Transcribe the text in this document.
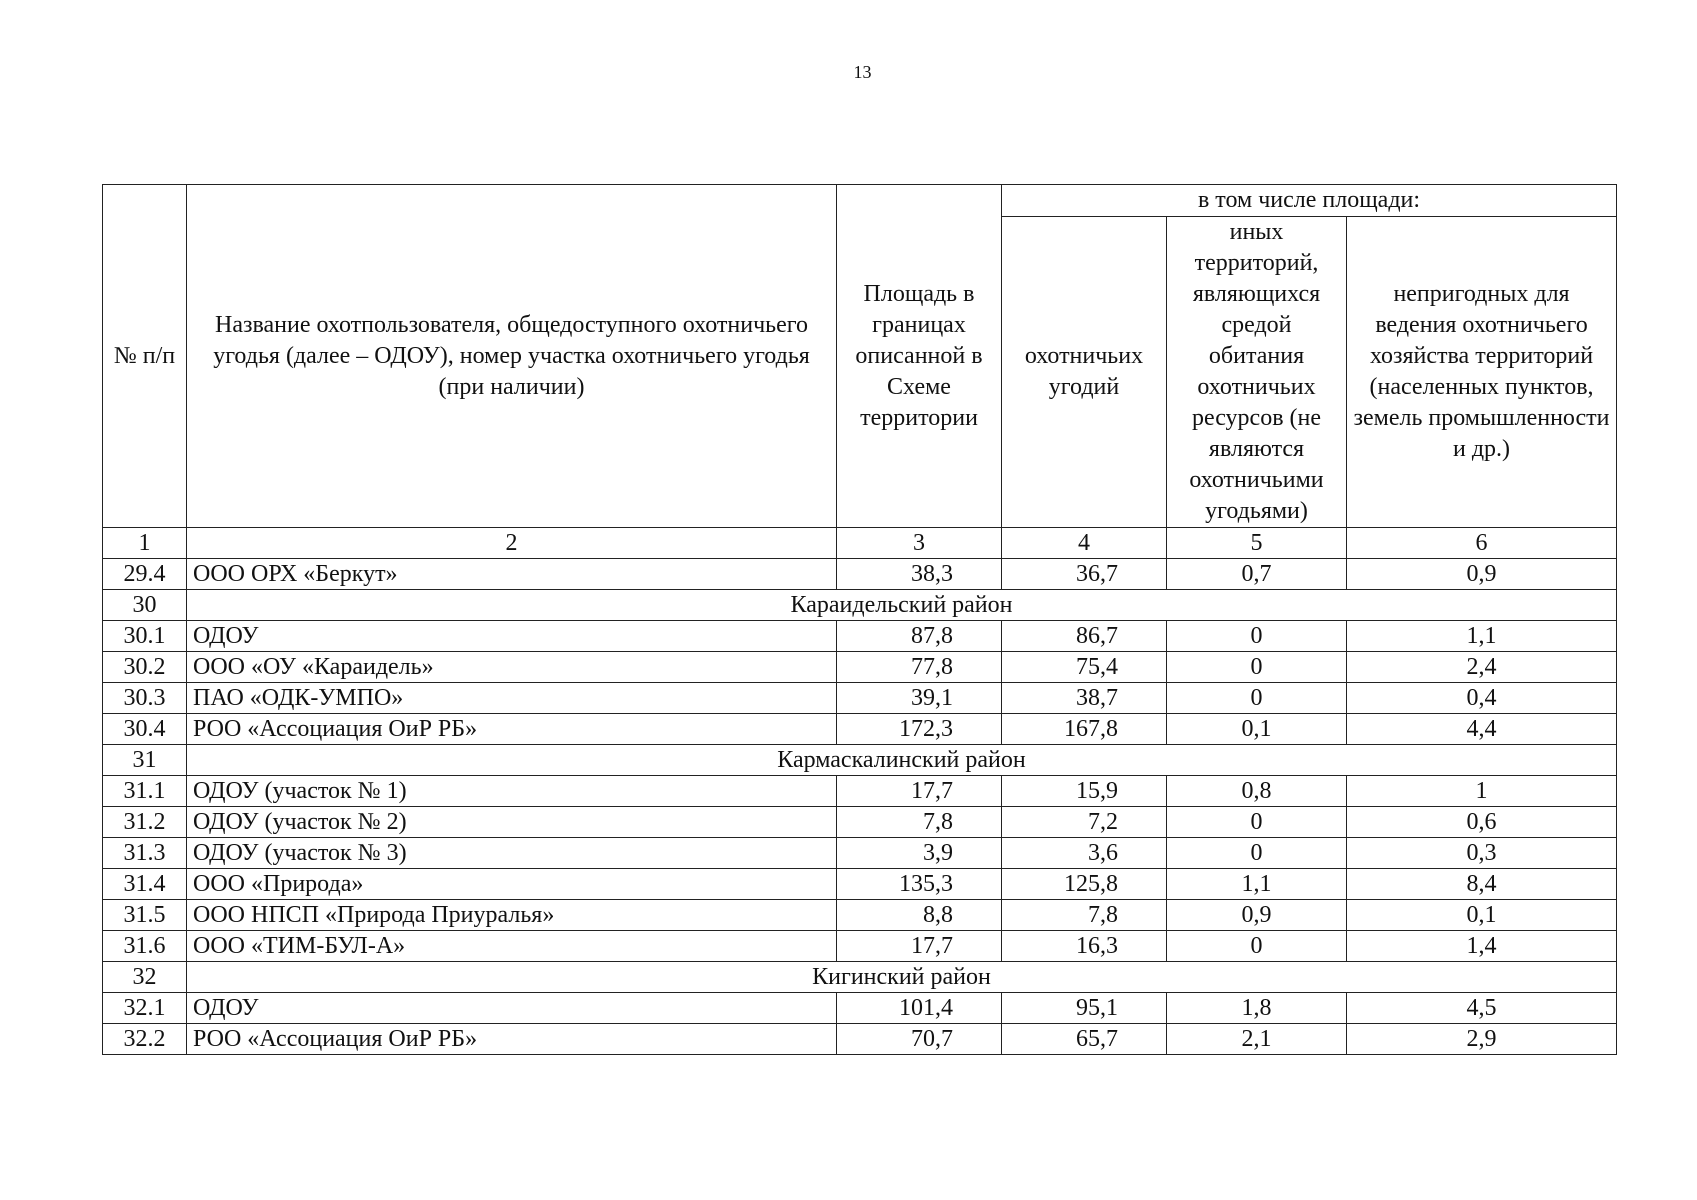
13
№ п/п	Название охотпользователя, общедоступного охотничьего угодья (далее – ОДОУ), номер участка охотничьего угодья (при наличии)	Площадь в границах описанной в Схеме территории	в том числе площади:		
			охотничьих угодий	иных территорий, являющихся средой обитания охотничьих ресурсов (не являются охотничьими угодьями)	непригодных для ведения охотничьего хозяйства территорий (населенных пунктов, земель промышленности и др.)
1	2	3	4	5	6
29.4	ООО ОРХ «Беркут»	38,3	36,7	0,7	0,9
30	Караидельский район				
30.1	ОДОУ	87,8	86,7	0	1,1
30.2	ООО «ОУ «Караидель»	77,8	75,4	0	2,4
30.3	ПАО «ОДК-УМПО»	39,1	38,7	0	0,4
30.4	РОО «Ассоциация ОиР РБ»	172,3	167,8	0,1	4,4
31	Кармаскалинский район				
31.1	ОДОУ (участок № 1)	17,7	15,9	0,8	1
31.2	ОДОУ (участок № 2)	7,8	7,2	0	0,6
31.3	ОДОУ (участок № 3)	3,9	3,6	0	0,3
31.4	ООО «Природа»	135,3	125,8	1,1	8,4
31.5	ООО НПСП «Природа Приуралья»	8,8	7,8	0,9	0,1
31.6	ООО «ТИМ-БУЛ-А»	17,7	16,3	0	1,4
32	Кигинский район				
32.1	ОДОУ	101,4	95,1	1,8	4,5
32.2	РОО «Ассоциация ОиР РБ»	70,7	65,7	2,1	2,9
